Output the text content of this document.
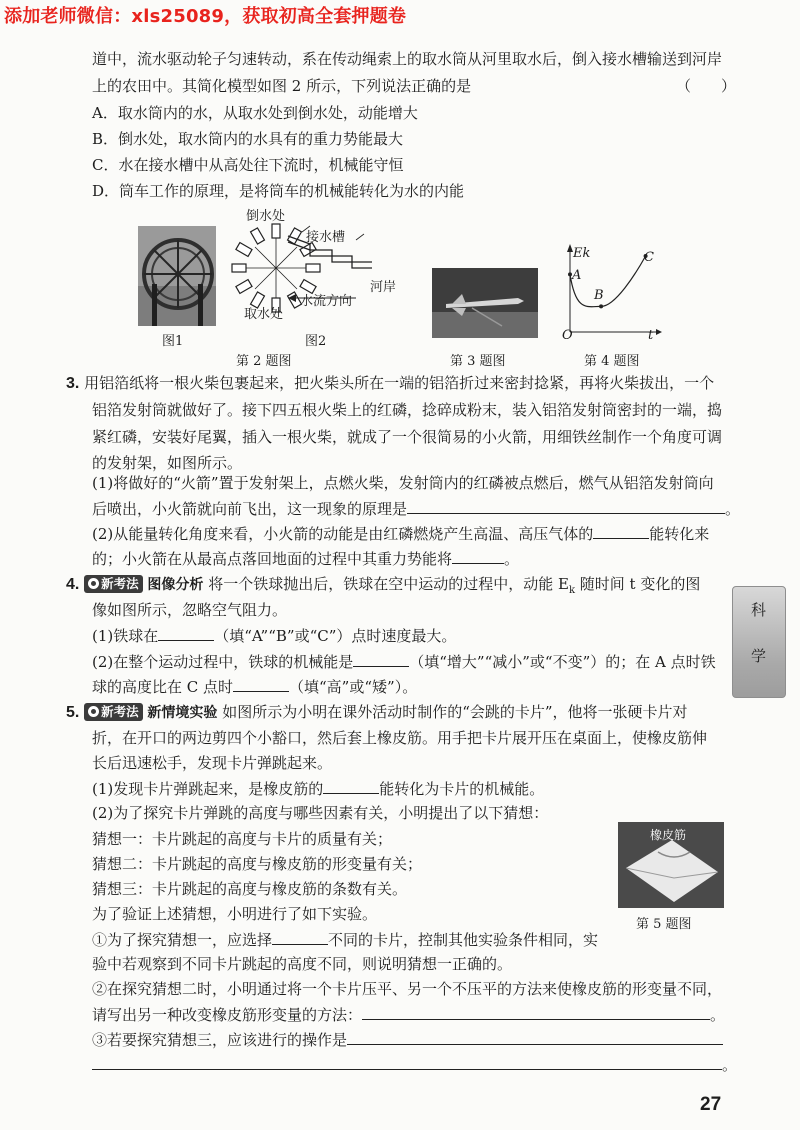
添加老师微信：xls25089，获取初高全套押题卷
道中，流水驱动轮子匀速转动，系在传动绳索上的取水筒从河里取水后，倒入接水槽输送到河岸
上的农田中。其简化模型如图 2 所示，下列说法正确的是	（　　）
A．取水筒内的水，从取水处到倒水处，动能增大
B．倒水处，取水筒内的水具有的重力势能最大
C．水在接水槽中从高处往下流时，机械能守恒
D．筒车工作的原理，是将筒车的机械能转化为水的内能
图1
倒水处
接水槽
河岸
水流方向
取水处
图2
第 2 题图	第 3 题图
Ek
t
O
A
B
C
第 4 题图
3. 用铝箔纸将一根火柴包裹起来，把火柴头所在一端的铝箔折过来密封捻紧，再将火柴拔出，一个
铝箔发射筒就做好了。接下四五根火柴上的红磷，捻碎成粉末，装入铝箔发射筒密封的一端，捣
紧红磷，安装好尾翼，插入一根火柴，就成了一个很简易的小火箭，用细铁丝制作一个角度可调
的发射架，如图所示。
(1)将做好的“火箭”置于发射架上，点燃火柴，发射筒内的红磷被点燃后，燃气从铝箔发射筒向
后喷出，小火箭就向前飞出，这一现象的原理是	。
(2)从能量转化角度来看，小火箭的动能是由红磷燃烧产生高温、高压气体的	能转化来
的；小火箭在从最高点落回地面的过程中其重力势能将	。
4. 新考法 图像分析 将一个铁球抛出后，铁球在空中运动的过程中，动能 $E_k$ 随时间 t 变化的图
像如图所示，忽略空气阻力。
(1)铁球在	（填“A”“B”或“C”）点时速度最大。
(2)在整个运动过程中，铁球的机械能是	（填“增大”“减小”或“不变”）的；在 A 点时铁
球的高度比在 C 点时	（填“高”或“矮”）。
5. 新考法 新情境实验 如图所示为小明在课外活动时制作的“会跳的卡片”，他将一张硬卡片对
折，在开口的两边剪四个小豁口，然后套上橡皮筋。用手把卡片展开压在桌面上，使橡皮筋伸
长后迅速松手，发现卡片弹跳起来。
(1)发现卡片弹跳起来，是橡皮筋的	能转化为卡片的机械能。
(2)为了探究卡片弹跳的高度与哪些因素有关，小明提出了以下猜想：
猜想一：卡片跳起的高度与卡片的质量有关；
猜想二：卡片跳起的高度与橡皮筋的形变量有关；
猜想三：卡片跳起的高度与橡皮筋的条数有关。
为了验证上述猜想，小明进行了如下实验。
①为了探究猜想一，应选择	不同的卡片，控制其他实验条件相同，实
验中若观察到不同卡片跳起的高度不同，则说明猜想一正确的。
②在探究猜想二时，小明通过将一个卡片压平、另一个不压平的方法来使橡皮筋的形变量不同，
请写出另一种改变橡皮筋形变量的方法：	。
③若要探究猜想三，应该进行的操作是
。
橡皮筋
第 5 题图
科
学
27
